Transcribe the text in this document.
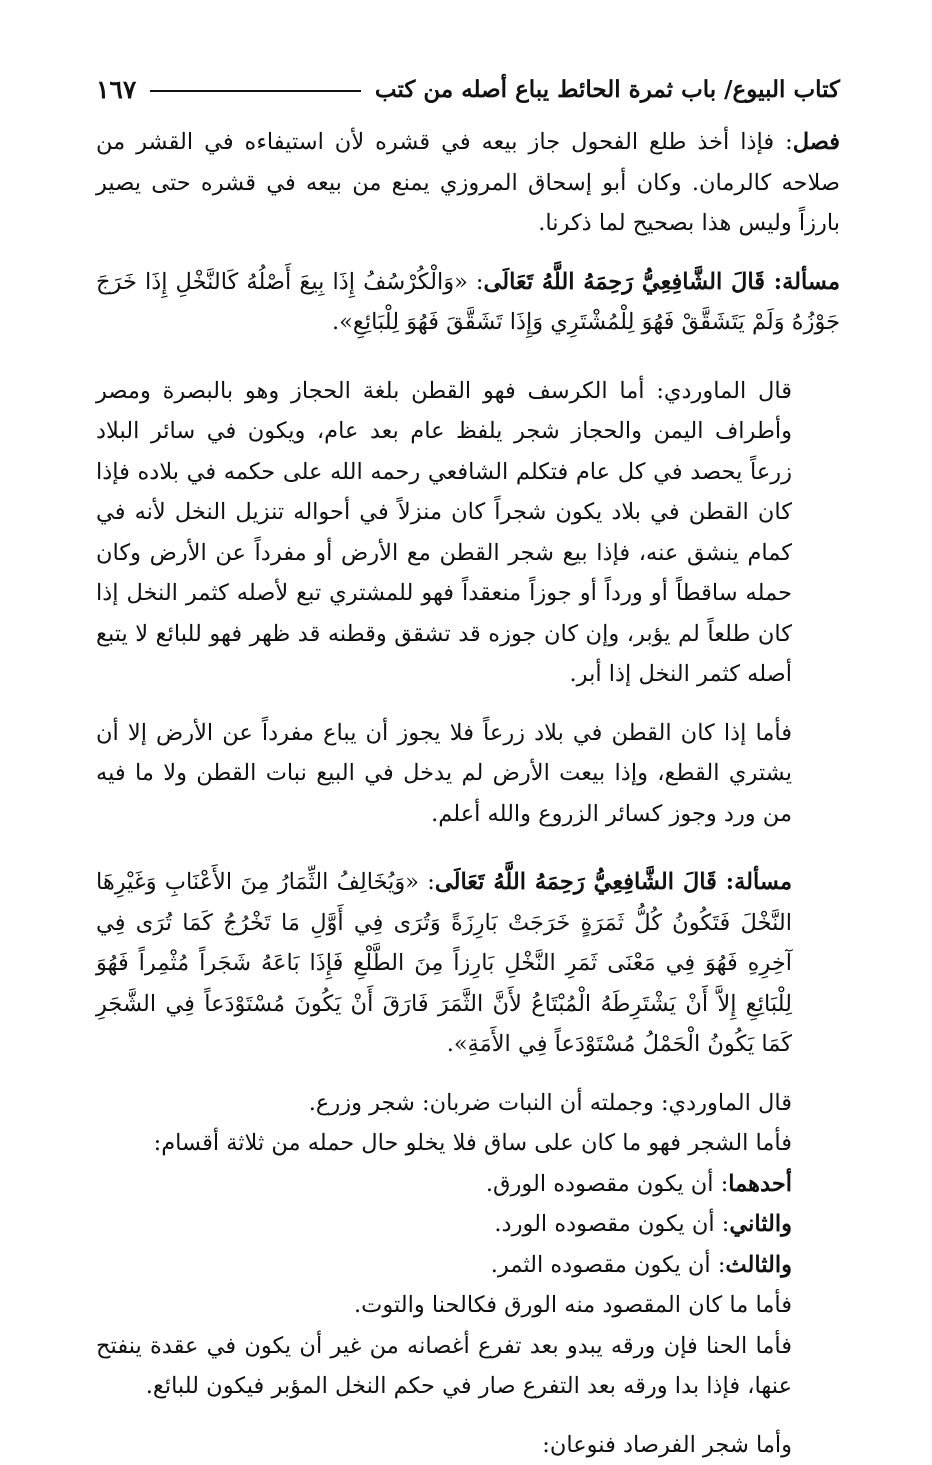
كتاب البيوع/ باب ثمرة الحائط يباع أصله من كتب
١٦٧

فصل: فإذا أخذ طلع الفحول جاز بيعه في قشره لأن استيفاءه في القشر من صلاحه كالرمان. وكان أبو إسحاق المروزي يمنع من بيعه في قشره حتى يصير بارزاً وليس هذا بصحيح لما ذكرنا.

مسألة: قَالَ الشَّافِعِيُّ رَحِمَهُ اللَّهُ تَعَالَى: «وَالْكُرْسُفُ إِذَا بِيعَ أَصْلُهُ كَالنَّخْلِ إِذَا خَرَجَ جَوْزُهُ وَلَمْ يَتَشَقَّقْ فَهُوَ لِلْمُشْتَرِي وَإِذَا تَشَقَّقَ فَهُوَ لِلْبَائِعِ».

قال الماوردي: أما الكرسف فهو القطن بلغة الحجاز وهو بالبصرة ومصر وأطراف اليمن والحجاز شجر يلفظ عام بعد عام، ويكون في سائر البلاد زرعاً يحصد في كل عام فتكلم الشافعي رحمه الله على حكمه في بلاده فإذا كان القطن في بلاد يكون شجراً كان منزلاً في أحواله تنزيل النخل لأنه في كمام ينشق عنه، فإذا بيع شجر القطن مع الأرض أو مفرداً عن الأرض وكان حمله ساقطاً أو ورداً أو جوزاً منعقداً فهو للمشتري تبع لأصله كثمر النخل إذا كان طلعاً لم يؤبر، وإن كان جوزه قد تشقق وقطنه قد ظهر فهو للبائع لا يتبع أصله كثمر النخل إذا أبر.

فأما إذا كان القطن في بلاد زرعاً فلا يجوز أن يباع مفرداً عن الأرض إلا أن يشتري القطع، وإذا بيعت الأرض لم يدخل في البيع نبات القطن ولا ما فيه من ورد وجوز كسائر الزروع والله أعلم.

مسألة: قَالَ الشَّافِعِيُّ رَحِمَهُ اللَّهُ تَعَالَى: «وَيُخَالِفُ الثِّمَارُ مِنَ الأَعْنَابِ وَغَيْرِهَا النَّخْلَ فَتَكُونُ كُلُّ ثَمَرَةٍ خَرَجَتْ بَارِزَةً وَتُرَى فِي أَوَّلِ مَا تَخْرُجُ كَمَا تُرَى فِي آخِرِهِ فَهُوَ فِي مَعْنَى ثَمَرِ النَّخْلِ بَارِزاً مِنَ الطَّلْعِ فَإِذَا بَاعَهُ شَجَراً مُثْمِراً فَهُوَ لِلْبَائِعِ إِلاَّ أَنْ يَشْتَرِطَهُ الْمُبْتَاعُ لأَنَّ الثَّمَرَ فَارَقَ أَنْ يَكُونَ مُسْتَوْدَعاً فِي الشَّجَرِ كَمَا يَكُونُ الْحَمْلُ مُسْتَوْدَعاً فِي الأَمَةِ».

قال الماوردي: وجملته أن النبات ضربان: شجر وزرع.

فأما الشجر فهو ما كان على ساق فلا يخلو حال حمله من ثلاثة أقسام:

أحدهما: أن يكون مقصوده الورق.

والثاني: أن يكون مقصوده الورد.

والثالث: أن يكون مقصوده الثمر.

فأما ما كان المقصود منه الورق فكالحنا والتوت.

فأما الحنا فإن ورقه يبدو بعد تفرع أغصانه من غير أن يكون في عقدة ينفتح عنها، فإذا بدا ورقه بعد التفرع صار في حكم النخل المؤبر فيكون للبائع.

وأما شجر الفرصاد فنوعان:
